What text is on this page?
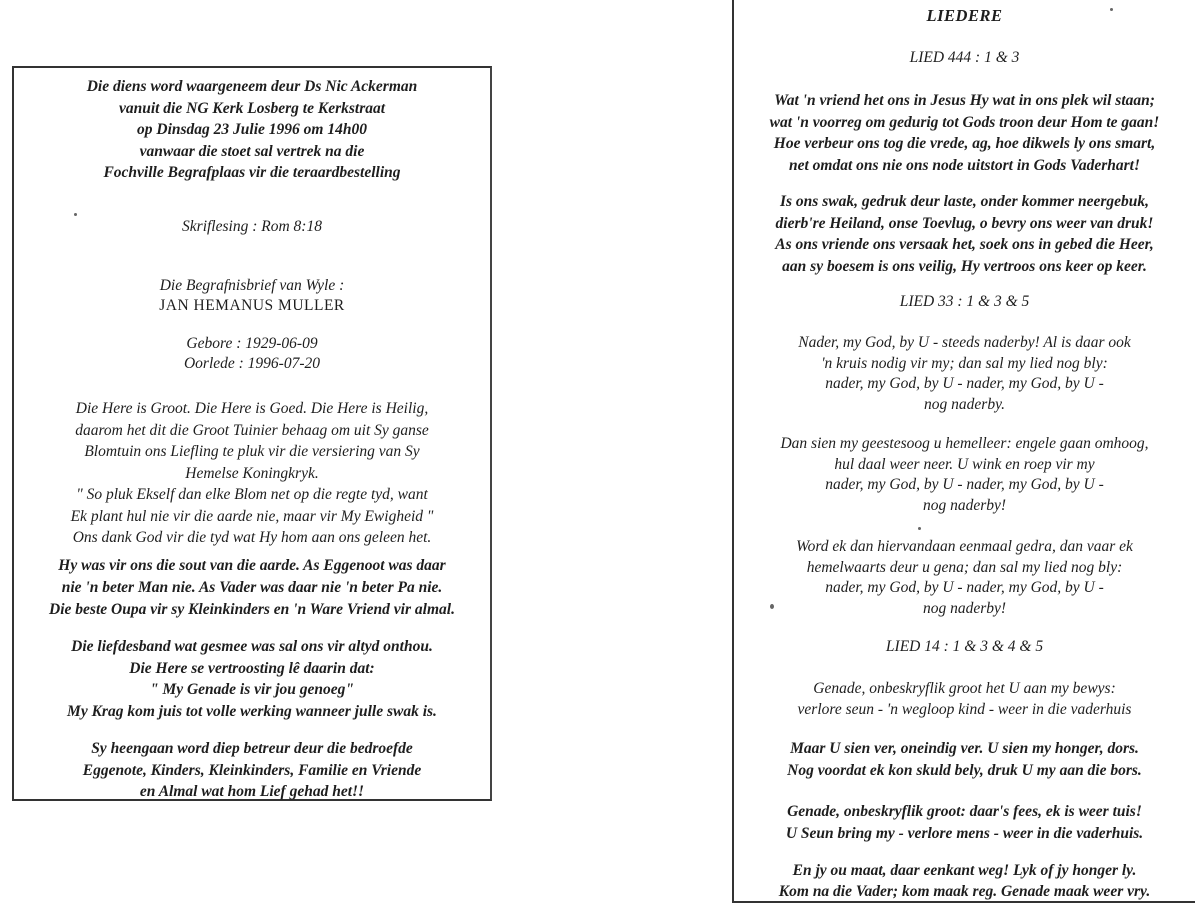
Die diens word waargeneem deur Ds Nic Ackerman
vanuit die NG Kerk Losberg te Kerkstraat
op Dinsdag 23 Julie 1996 om 14h00
vanwaar die stoet sal vertrek na die
Fochville Begrafplaas vir die teraardbestelling
Skriflesing : Rom 8:18
Die Begrafnisbrief van Wyle :
JAN HEMANUS MULLER
Gebore : 1929-06-09
Oorlede : 1996-07-20
Die Here is Groot. Die Here is Goed. Die Here is Heilig,
daarom het dit die Groot Tuinier behaag om uit Sy ganse
Blomtuin ons Liefling te pluk vir die versiering van Sy
Hemelse Koningkryk.
" So pluk Ekself dan elke Blom net op die regte tyd, want
Ek plant hul nie vir die aarde nie, maar vir My Ewigheid "
Ons dank God vir die tyd wat Hy hom aan ons geleen het.
Hy was vir ons die sout van die aarde. As Eggenoot was daar
nie 'n beter Man nie. As Vader was daar nie 'n beter Pa nie.
Die beste Oupa vir sy Kleinkinders en 'n Ware Vriend vir almal.
Die liefdesband wat gesmee was sal ons vir altyd onthou.
Die Here se vertroosting lê daarin dat:
" My Genade is vir jou genoeg"
My Krag kom juis tot volle werking wanneer julle swak is.
Sy heengaan word diep betreur deur die bedroefde
Eggenote, Kinders, Kleinkinders, Familie en Vriende
en Almal wat hom Lief gehad het!!
LIEDERE
LIED 444 : 1 & 3
Wat 'n vriend het ons in Jesus Hy wat in ons plek wil staan;
wat 'n voorreg om gedurig tot Gods troon deur Hom te gaan!
Hoe verbeur ons tog die vrede, ag, hoe dikwels ly ons smart,
net omdat ons nie ons node uitstort in Gods Vaderhart!
Is ons swak, gedruk deur laste, onder kommer neergebuk,
dierb're Heiland, onse Toevlug, o bevry ons weer van druk!
As ons vriende ons versaak het, soek ons in gebed die Heer,
aan sy boesem is ons veilig, Hy vertroos ons keer op keer.
LIED 33 : 1 & 3 & 5
Nader, my God, by U - steeds naderby! Al is daar ook
'n kruis nodig vir my; dan sal my lied nog bly:
nader, my God, by U - nader, my God, by U -
nog naderby.
Dan sien my geestesoog u hemelleer: engele gaan omhoog,
hul daal weer neer. U wink en roep vir my
nader, my God, by U - nader, my God, by U -
nog naderby!
Word ek dan hiervandaan eenmaal gedra, dan vaar ek
hemelwaarts deur u gena; dan sal my lied nog bly:
nader, my God, by U - nader, my God, by U -
nog naderby!
LIED 14 : 1 & 3 & 4 & 5
Genade, onbeskryflik groot het U aan my bewys:
verlore seun - 'n wegloop kind - weer in die vaderhuis
Maar U sien ver, oneindig ver. U sien my honger, dors.
Nog voordat ek kon skuld bely, druk U my aan die bors.
Genade, onbeskryflik groot: daar's fees, ek is weer tuis!
U Seun bring my - verlore mens - weer in die vaderhuis.
En jy ou maat, daar eenkant weg! Lyk of jy honger ly.
Kom na die Vader; kom maak reg. Genade maak weer vry.
